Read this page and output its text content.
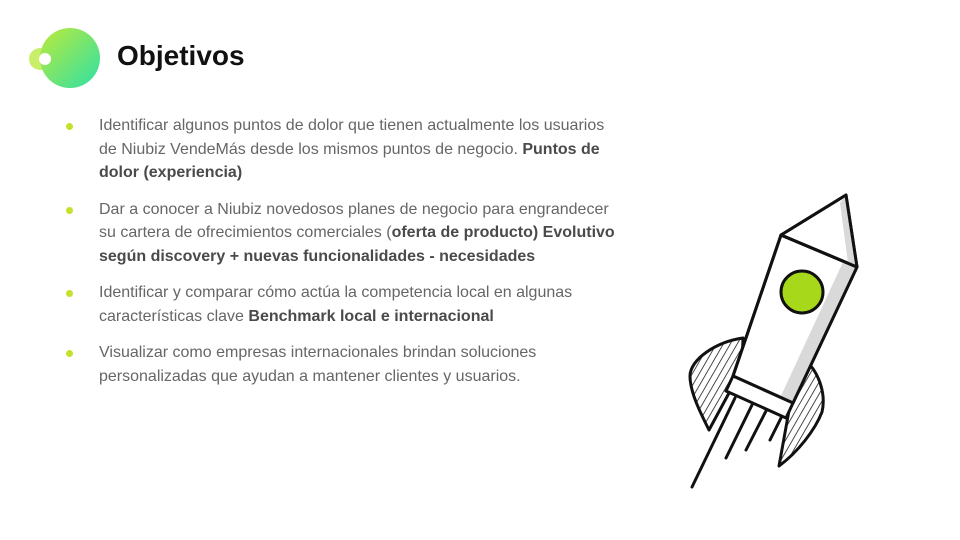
Objetivos
Identificar algunos puntos de dolor que tienen actualmente los usuarios de Niubiz VendeMás desde los mismos puntos de negocio. Puntos de dolor (experiencia)
Dar a conocer a Niubiz novedosos planes de negocio para engrandecer su cartera de ofrecimientos comerciales (oferta de producto) Evolutivo según discovery + nuevas funcionalidades - necesidades
Identificar y comparar cómo actúa la competencia local en algunas características clave Benchmark local e internacional
Visualizar como empresas internacionales brindan soluciones personalizadas que ayudan a mantener clientes y usuarios.
